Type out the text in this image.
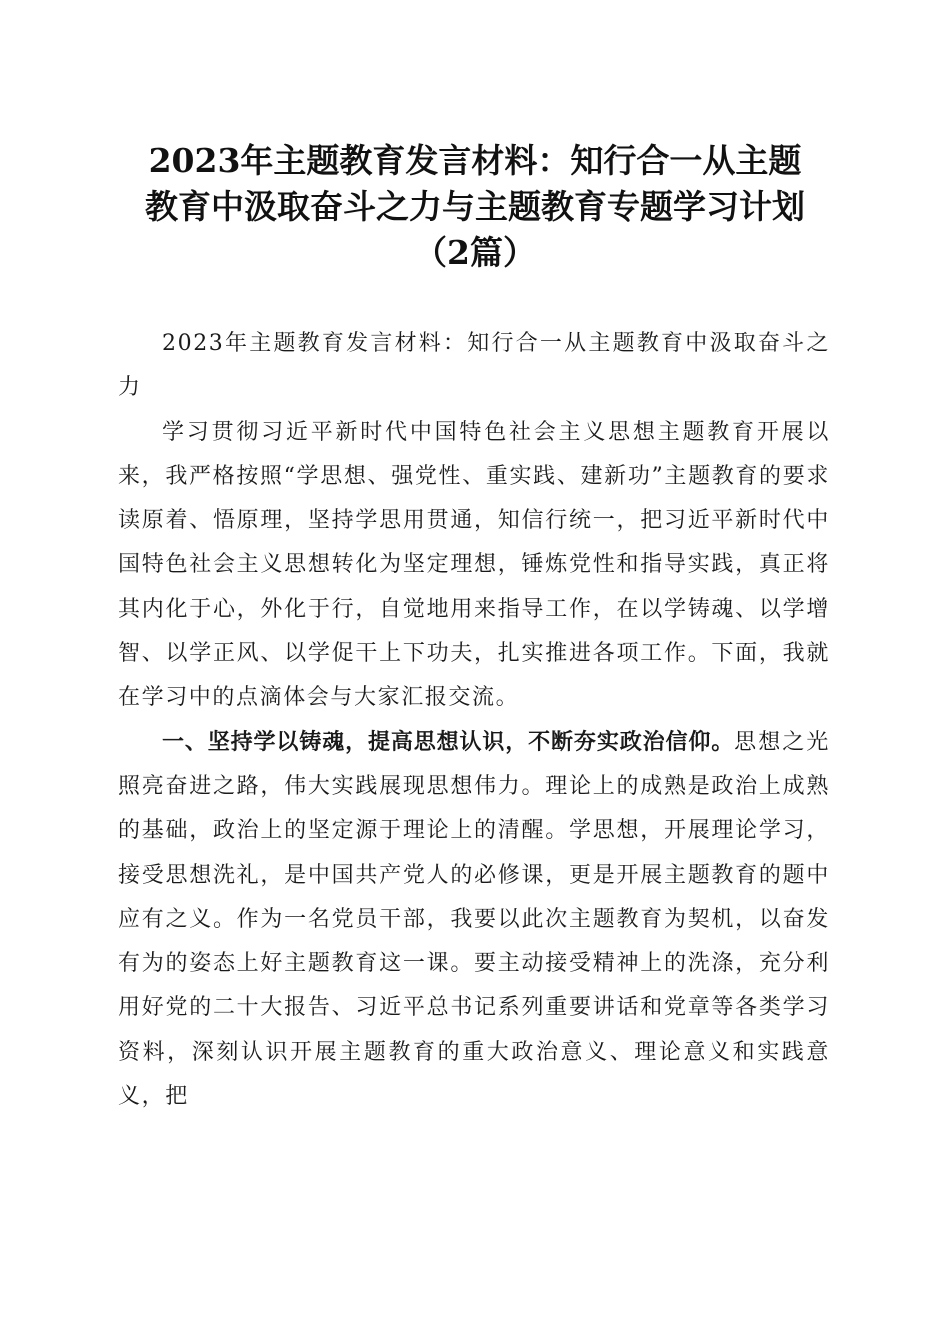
2023年主题教育发言材料：知行合一从主题
教育中汲取奋斗之力与主题教育专题学习计划
（2篇）

2023年主题教育发言材料：知行合一从主题教育中汲取奋斗之力

学习贯彻习近平新时代中国特色社会主义思想主题教育开展以来，我严格按照“学思想、强党性、重实践、建新功”主题教育的要求读原着、悟原理，坚持学思用贯通，知信行统一，把习近平新时代中国特色社会主义思想转化为坚定理想，锤炼党性和指导实践，真正将其内化于心，外化于行，自觉地用来指导工作，在以学铸魂、以学增智、以学正风、以学促干上下功夫，扎实推进各项工作。下面，我就在学习中的点滴体会与大家汇报交流。

一、坚持学以铸魂，提高思想认识，不断夯实政治信仰。思想之光照亮奋进之路，伟大实践展现思想伟力。理论上的成熟是政治上成熟的基础，政治上的坚定源于理论上的清醒。学思想，开展理论学习，接受思想洗礼，是中国共产党人的必修课，更是开展主题教育的题中应有之义。作为一名党员干部，我要以此次主题教育为契机，以奋发有为的姿态上好主题教育这一课。要主动接受精神上的洗涤，充分利用好党的二十大报告、习近平总书记系列重要讲话和党章等各类学习资料，深刻认识开展主题教育的重大政治意义、理论意义和实践意义，把
